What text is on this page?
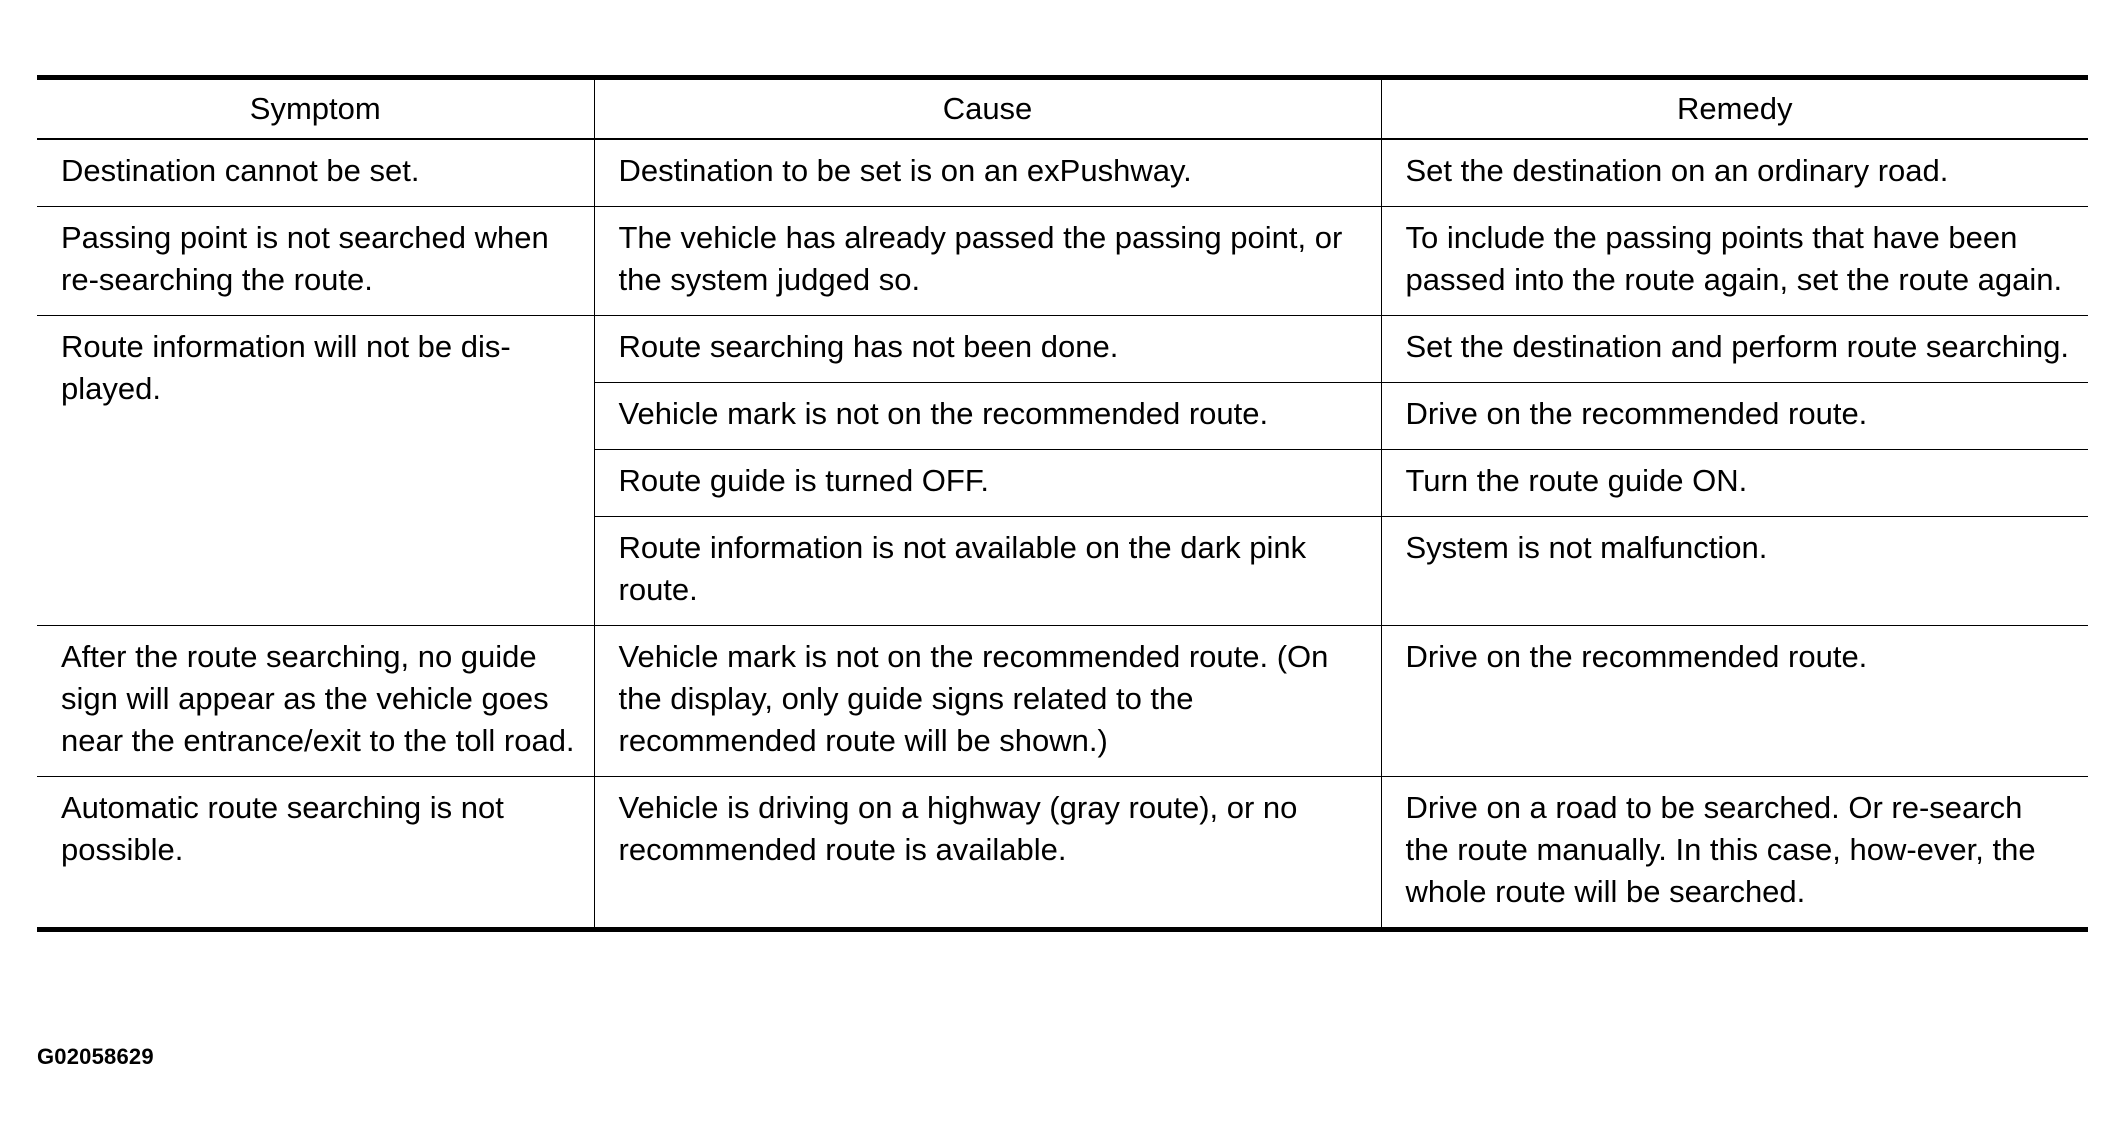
Symptom	Cause	Remedy
Destination cannot be set.	Destination to be set is on an exPushway.	Set the destination on an ordinary road.
Passing point is not searched when re-searching the route.	The vehicle has already passed the passing point, or the system judged so.	To include the passing points that have been passed into the route again, set the route again.
Route information will not be dis-played.	Route searching has not been done.	Set the destination and perform route searching.
	Vehicle mark is not on the recommended route.	Drive on the recommended route.
	Route guide is turned OFF.	Turn the route guide ON.
	Route information is not available on the dark pink route.	System is not malfunction.
After the route searching, no guide sign will appear as the vehicle goes near the entrance/exit to the toll road.	Vehicle mark is not on the recommended route. (On the display, only guide signs related to the recommended route will be shown.)	Drive on the recommended route.
Automatic route searching is not possible.	Vehicle is driving on a highway (gray route), or no recommended route is available.	Drive on a road to be searched. Or re-search the route manually. In this case, how-ever, the whole route will be searched.
G02058629
